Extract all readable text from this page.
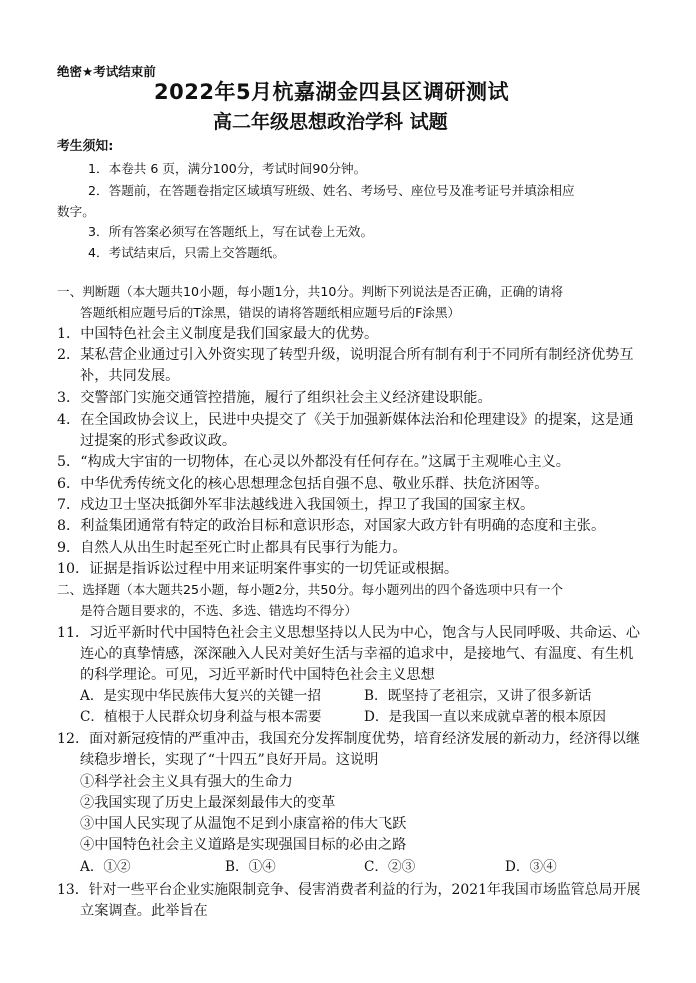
绝密★考试结束前
2022年5月杭嘉湖金四县区调研测试
高二年级思想政治学科 试题
考生须知:
1．本卷共 6 页，满分100分，考试时间90分钟。
2．答题前，在答题卷指定区域填写班级、姓名、考场号、座位号及准考证号并填涂相应
数字。
3．所有答案必须写在答题纸上，写在试卷上无效。
4．考试结束后，只需上交答题纸。
一、判断题（本大题共10小题，每小题1分，共10分。判断下列说法是否正确，正确的请将
答题纸相应题号后的T涂黑，错误的请将答题纸相应题号后的F涂黑）
1．中国特色社会主义制度是我们国家最大的优势。
2．某私营企业通过引入外资实现了转型升级，说明混合所有制有利于不同所有制经济优势互
补，共同发展。
3．交警部门实施交通管控措施，履行了组织社会主义经济建设职能。
4．在全国政协会议上，民进中央提交了《关于加强新媒体法治和伦理建设》的提案，这是通
过提案的形式参政议政。
5．“构成大宇宙的一切物体，在心灵以外都没有任何存在。”这属于主观唯心主义。
6．中华优秀传统文化的核心思想理念包括自强不息、敬业乐群、扶危济困等。
7．戍边卫士坚决抵御外军非法越线进入我国领土，捍卫了我国的国家主权。
8．利益集团通常有特定的政治目标和意识形态，对国家大政方针有明确的态度和主张。
9．自然人从出生时起至死亡时止都具有民事行为能力。
10．证据是指诉讼过程中用来证明案件事实的一切凭证或根据。
二、选择题（本大题共25小题，每小题2分，共50分。每小题列出的四个备选项中只有一个
是符合题目要求的，不选、多选、错选均不得分）
11．习近平新时代中国特色社会主义思想坚持以人民为中心，饱含与人民同呼吸、共命运、心
连心的真挚情感，深深融入人民对美好生活与幸福的追求中，是接地气、有温度、有生机
的科学理论。可见，习近平新时代中国特色社会主义思想
A．是实现中华民族伟大复兴的关键一招	B．既坚持了老祖宗，又讲了很多新话
C．植根于人民群众切身利益与根本需要	D．是我国一直以来成就卓著的根本原因
12．面对新冠疫情的严重冲击，我国充分发挥制度优势，培育经济发展的新动力，经济得以继
续稳步增长，实现了“十四五”良好开局。这说明
①科学社会主义具有强大的生命力
②我国实现了历史上最深刻最伟大的变革
③中国人民实现了从温饱不足到小康富裕的伟大飞跃
④中国特色社会主义道路是实现强国目标的必由之路
A．①②	B．①④	C．②③	D．③④
13．针对一些平台企业实施限制竞争、侵害消费者利益的行为，2021年我国市场监管总局开展
立案调查。此举旨在
